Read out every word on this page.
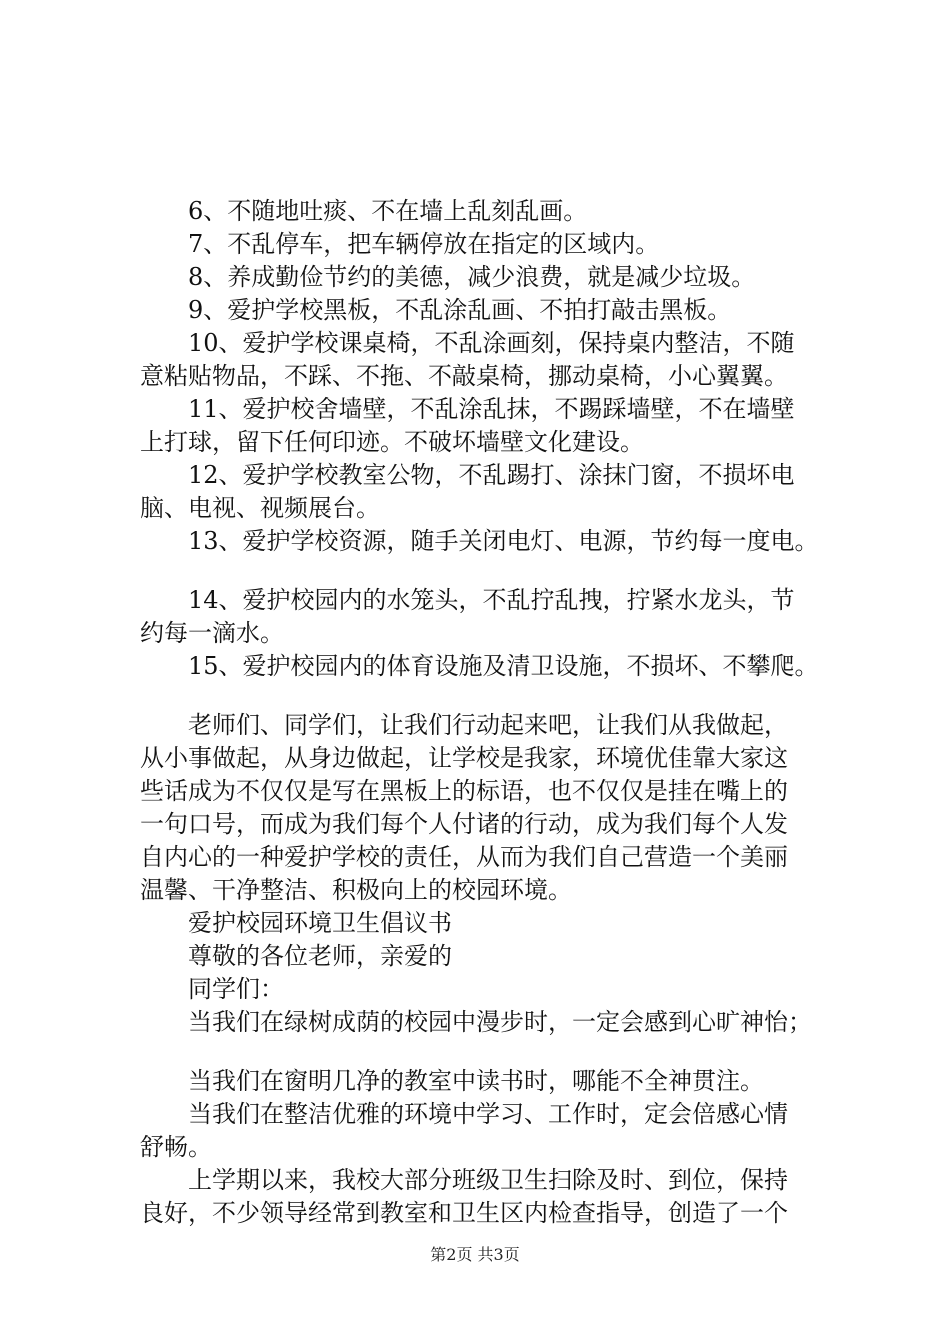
6、不随地吐痰、不在墙上乱刻乱画。
7、不乱停车，把车辆停放在指定的区域内。
8、养成勤俭节约的美德，减少浪费，就是减少垃圾。
9、爱护学校黑板，不乱涂乱画、不拍打敲击黑板。
10、爱护学校课桌椅，不乱涂画刻，保持桌内整洁，不随
意粘贴物品，不踩、不拖、不敲桌椅，挪动桌椅，小心翼翼。
11、爱护校舍墙壁，不乱涂乱抹，不踢踩墙壁，不在墙壁
上打球，留下任何印迹。不破坏墙壁文化建设。
12、爱护学校教室公物，不乱踢打、涂抹门窗，不损坏电
脑、电视、视频展台。
13、爱护学校资源，随手关闭电灯、电源，节约每一度电。
14、爱护校园内的水笼头，不乱拧乱拽，拧紧水龙头，节
约每一滴水。
15、爱护校园内的体育设施及清卫设施，不损坏、不攀爬。
老师们、同学们，让我们行动起来吧，让我们从我做起，
从小事做起，从身边做起，让学校是我家，环境优佳靠大家这
些话成为不仅仅是写在黑板上的标语，也不仅仅是挂在嘴上的
一句口号，而成为我们每个人付诸的行动，成为我们每个人发
自内心的一种爱护学校的责任，从而为我们自己营造一个美丽
温馨、干净整洁、积极向上的校园环境。
爱护校园环境卫生倡议书
尊敬的各位老师，亲爱的
同学们：
当我们在绿树成荫的校园中漫步时，一定会感到心旷神怡；
当我们在窗明几净的教室中读书时，哪能不全神贯注。
当我们在整洁优雅的环境中学习、工作时，定会倍感心情
舒畅。
上学期以来，我校大部分班级卫生扫除及时、到位，保持
良好，不少领导经常到教室和卫生区内检查指导，创造了一个
第2页 共3页
